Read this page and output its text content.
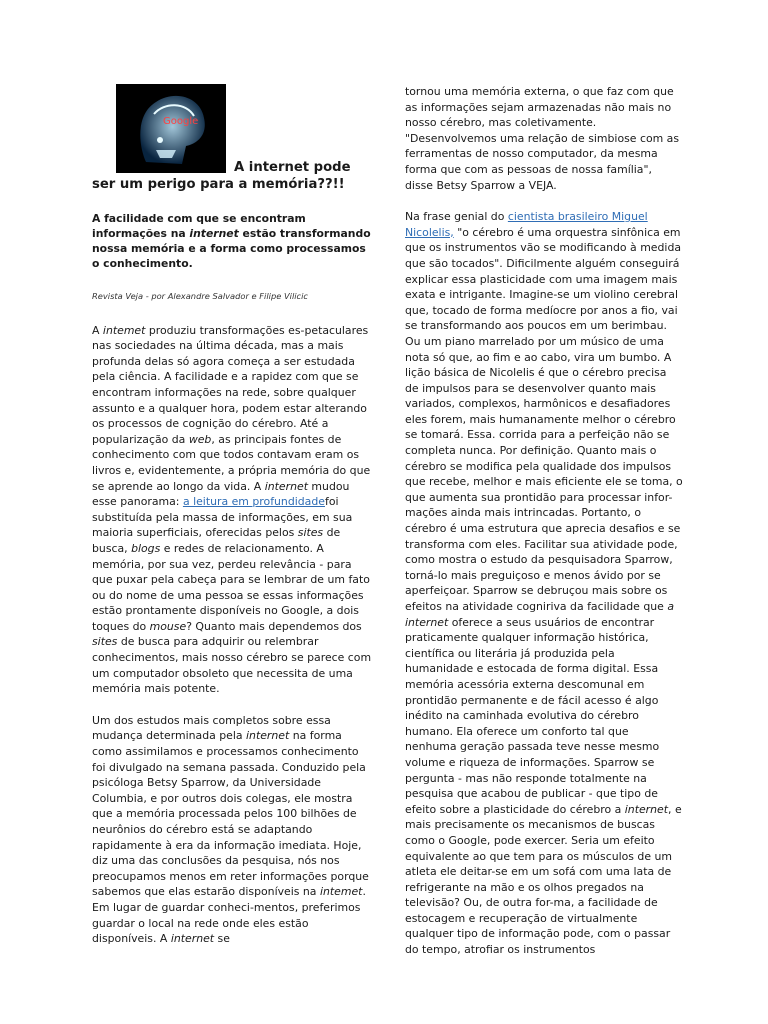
Google
A internet pode
ser um perigo para a memória??!!

A facilidade com que se encontram informações na internet estão transformando nossa memória e a forma como processamos o conhecimento.

Revista Veja - por Alexandre Salvador e Filipe Vilicic

A intemet produziu transformações es-petaculares nas sociedades na última década, mas a mais profunda delas só agora começa a ser estudada pela ciência. A facilidade e a rapidez com que se encontram informações na rede, sobre qualquer assunto e a qualquer hora, podem estar alterando os processos de cognição do cérebro. Até a popularização da web, as principais fontes de conhecimento com que todos contavam eram os livros e, evidentemente, a própria memória do que se aprende ao longo da vida. A internet mudou esse panorama: a leitura em profundidadefoi substituída pela massa de informações, em sua maioria superficiais, oferecidas pelos sites de busca, blogs e redes de relacionamento. A memória, por sua vez, perdeu relevância - para que puxar pela cabeça para se lembrar de um fato ou do nome de uma pessoa se essas informações estão prontamente disponíveis no Google, a dois toques do mouse? Quanto mais dependemos dos sites de busca para adquirir ou relembrar conhecimentos, mais nosso cérebro se parece com um computador obsoleto que necessita de uma memória mais potente.

Um dos estudos mais completos sobre essa mudança determinada pela internet na forma como assimilamos e processamos conhecimento foi divulgado na semana passada. Conduzido pela psicóloga Betsy Sparrow, da Universidade Columbia, e por outros dois colegas, ele mostra que a memória processada pelos 100 bilhões de neurônios do cérebro está se adaptando rapidamente à era da informação imediata. Hoje, diz uma das conclusões da pesquisa, nós nos preocupamos menos em reter informações porque sabemos que elas estarão disponíveis na intemet. Em lugar de guardar conheci-mentos, preferimos guardar o local na rede onde eles estão disponíveis. A internet se

tornou uma memória externa, o que faz com que as informações sejam armazenadas não mais no nosso cérebro, mas coletivamente. "Desenvolvemos uma relação de simbiose com as ferramentas de nosso computador, da mesma forma que com as pessoas de nossa família", disse Betsy Sparrow a VEJA.

Na frase genial do cientista brasileiro Miguel Nicolelis, "o cérebro é uma orquestra sinfônica em que os instrumentos vão se modificando à medida que são tocados". Dificilmente alguém conseguirá explicar essa plasticidade com uma imagem mais exata e intrigante. Imagine-se um violino cerebral que, tocado de forma medíocre por anos a fio, vai se transformando aos poucos em um berimbau. Ou um piano marrelado por um músico de uma nota só que, ao fim e ao cabo, vira um bumbo. A lição básica de Nicolelis é que o cérebro precisa de impulsos para se desenvolver quanto mais variados, complexos, harmônicos e desafiadores eles forem, mais humanamente melhor o cérebro se tomará. Essa. corrida para a perfeição não se completa nunca. Por definição. Quanto mais o cérebro se modifica pela qualidade dos impulsos que recebe, melhor e mais eficiente ele se toma, o que aumenta sua prontidão para processar infor-mações ainda mais intrincadas. Portanto, o cérebro é uma estrutura que aprecia desafios e se transforma com eles. Facilitar sua atividade pode, como mostra o estudo da pesquisadora Sparrow, torná-lo mais preguiçoso e menos ávido por se aperfeiçoar. Sparrow se debruçou mais sobre os efeitos na atividade cogniriva da facilidade que a internet oferece a seus usuários de encontrar praticamente qualquer informação histórica, científica ou literária já produzida pela humanidade e estocada de forma digital. Essa memória acessória externa descomunal em prontidão permanente e de fácil acesso é algo inédito na caminhada evolutiva do cérebro humano. Ela oferece um conforto tal que nenhuma geração passada teve nesse mesmo volume e riqueza de informações. Sparrow se pergunta - mas não responde totalmente na pesquisa que acabou de publicar - que tipo de efeito sobre a plasticidade do cérebro a internet, e mais precisamente os mecanismos de buscas como o Google, pode exercer. Seria um efeito equivalente ao que tem para os músculos de um atleta ele deitar-se em um sofá com uma lata de refrigerante na mão e os olhos pregados na televisão? Ou, de outra for-ma, a facilidade de estocagem e recuperação de virtualmente qualquer tipo de informação pode, com o passar do tempo, atrofiar os instrumentos
